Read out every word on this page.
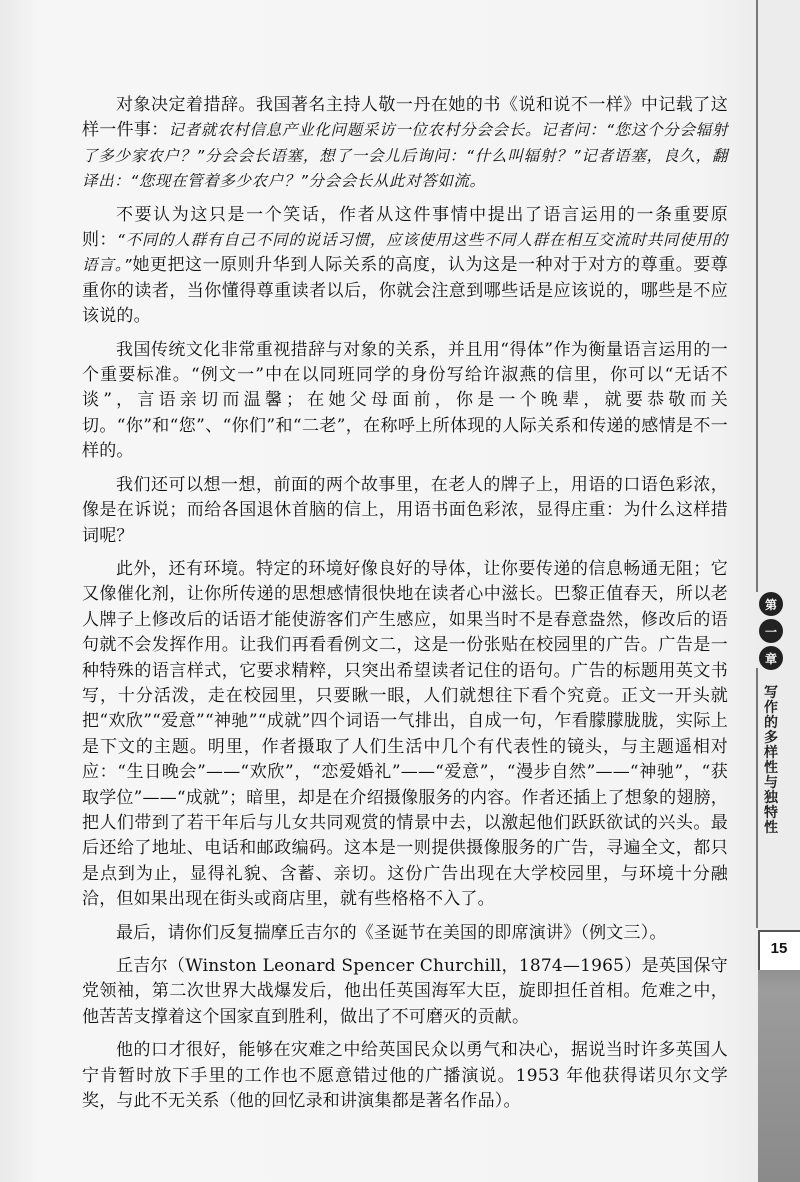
对象决定着措辞。我国著名主持人敬一丹在她的书《说和说不一样》中记载了这样一件事：记者就农村信息产业化问题采访一位农村分会会长。记者问：“您这个分会辐射了多少家农户？”分会会长语塞，想了一会儿后询问：“什么叫辐射？”记者语塞，良久，翻译出：“您现在管着多少农户？”分会会长从此对答如流。

不要认为这只是一个笑话，作者从这件事情中提出了语言运用的一条重要原则：“不同的人群有自己不同的说话习惯，应该使用这些不同人群在相互交流时共同使用的语言。”她更把这一原则升华到人际关系的高度，认为这是一种对于对方的尊重。要尊重你的读者，当你懂得尊重读者以后，你就会注意到哪些话是应该说的，哪些是不应该说的。

我国传统文化非常重视措辞与对象的关系，并且用“得体”作为衡量语言运用的一个重要标准。“例文一”中在以同班同学的身份写给许淑燕的信里，你可以“无话不谈”，言语亲切而温馨；在她父母面前，你是一个晚辈，就要恭敬而关切。“你”和“您”、“你们”和“二老”，在称呼上所体现的人际关系和传递的感情是不一样的。

我们还可以想一想，前面的两个故事里，在老人的牌子上，用语的口语色彩浓，像是在诉说；而给各国退休首脑的信上，用语书面色彩浓，显得庄重：为什么这样措词呢？

此外，还有环境。特定的环境好像良好的导体，让你要传递的信息畅通无阻；它又像催化剂，让你所传递的思想感情很快地在读者心中滋长。巴黎正值春天，所以老人牌子上修改后的话语才能使游客们产生感应，如果当时不是春意盎然，修改后的语句就不会发挥作用。让我们再看看例文二，这是一份张贴在校园里的广告。广告是一种特殊的语言样式，它要求精粹，只突出希望读者记住的语句。广告的标题用英文书写，十分活泼，走在校园里，只要瞅一眼，人们就想往下看个究竟。正文一开头就把“欢欣”“爱意”“神驰”“成就”四个词语一气排出，自成一句，乍看朦朦胧胧，实际上是下文的主题。明里，作者摄取了人们生活中几个有代表性的镜头，与主题遥相对应：“生日晚会”——“欢欣”，“恋爱婚礼”——“爱意”，“漫步自然”——“神驰”，“获取学位”——“成就”；暗里，却是在介绍摄像服务的内容。作者还插上了想象的翅膀，把人们带到了若干年后与儿女共同观赏的情景中去，以激起他们跃跃欲试的兴头。最后还给了地址、电话和邮政编码。这本是一则提供摄像服务的广告，寻遍全文，都只是点到为止，显得礼貌、含蓄、亲切。这份广告出现在大学校园里，与环境十分融洽，但如果出现在街头或商店里，就有些格格不入了。

最后，请你们反复揣摩丘吉尔的《圣诞节在美国的即席演讲》（例文三）。

丘吉尔（Winston Leonard Spencer Churchill，1874—1965）是英国保守党领袖，第二次世界大战爆发后，他出任英国海军大臣，旋即担任首相。危难之中，他苦苦支撑着这个国家直到胜利，做出了不可磨灭的贡献。

他的口才很好，能够在灾难之中给英国民众以勇气和决心，据说当时许多英国人宁肯暂时放下手里的工作也不愿意错过他的广播演说。1953 年他获得诺贝尔文学奖，与此不无关系（他的回忆录和讲演集都是著名作品）。

第
一
章
写作的多样性与独特性
15
